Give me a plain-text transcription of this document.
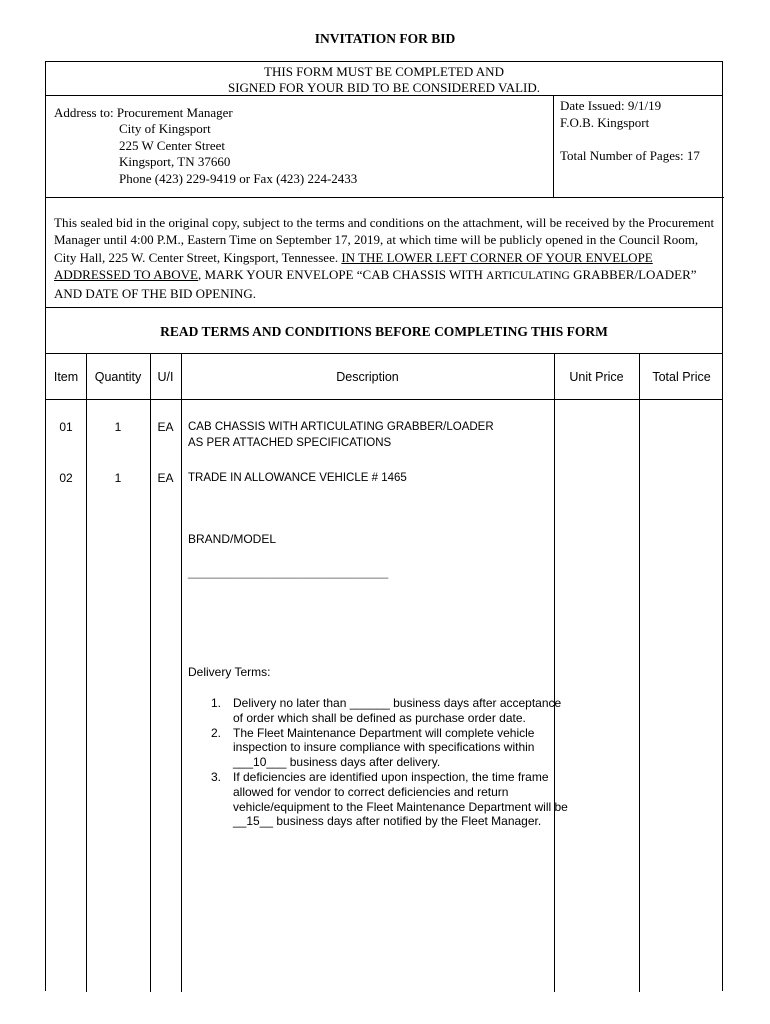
INVITATION FOR BID
THIS FORM MUST BE COMPLETED AND
SIGNED FOR YOUR BID TO BE CONSIDERED VALID.
Address to: Procurement Manager
City of Kingsport
225 W Center Street
Kingsport, TN 37660
Phone (423) 229-9419 or Fax (423) 224-2433
Date Issued: 9/1/19
F.O.B. Kingsport
Total Number of Pages: 17
This sealed bid in the original copy, subject to the terms and conditions on the attachment, will be received by the Procurement Manager until 4:00 P.M., Eastern Time on September 17, 2019, at which time will be publicly opened in the Council Room, City Hall, 225 W. Center Street, Kingsport, Tennessee. IN THE LOWER LEFT CORNER OF YOUR ENVELOPE ADDRESSED TO ABOVE, MARK YOUR ENVELOPE “CAB CHASSIS WITH ARTICULATING GRABBER/LOADER” AND DATE OF THE BID OPENING.
READ TERMS AND CONDITIONS BEFORE COMPLETING THIS FORM
Item	Quantity	U/I	Description	Unit Price	Total Price
01	1	EA	CAB CHASSIS WITH ARTICULATING GRABBER/LOADER
AS PER ATTACHED SPECIFICATIONS
02	1	EA	TRADE IN ALLOWANCE VEHICLE # 1465
BRAND/MODEL
______________________________
Delivery Terms:
1. Delivery no later than ______ business days after acceptance of order which shall be defined as purchase order date.
2. The Fleet Maintenance Department will complete vehicle inspection to insure compliance with specifications within ___10___ business days after delivery.
3. If deficiencies are identified upon inspection, the time frame allowed for vendor to correct deficiencies and return vehicle/equipment to the Fleet Maintenance Department will be __15__ business days after notified by the Fleet Manager.
